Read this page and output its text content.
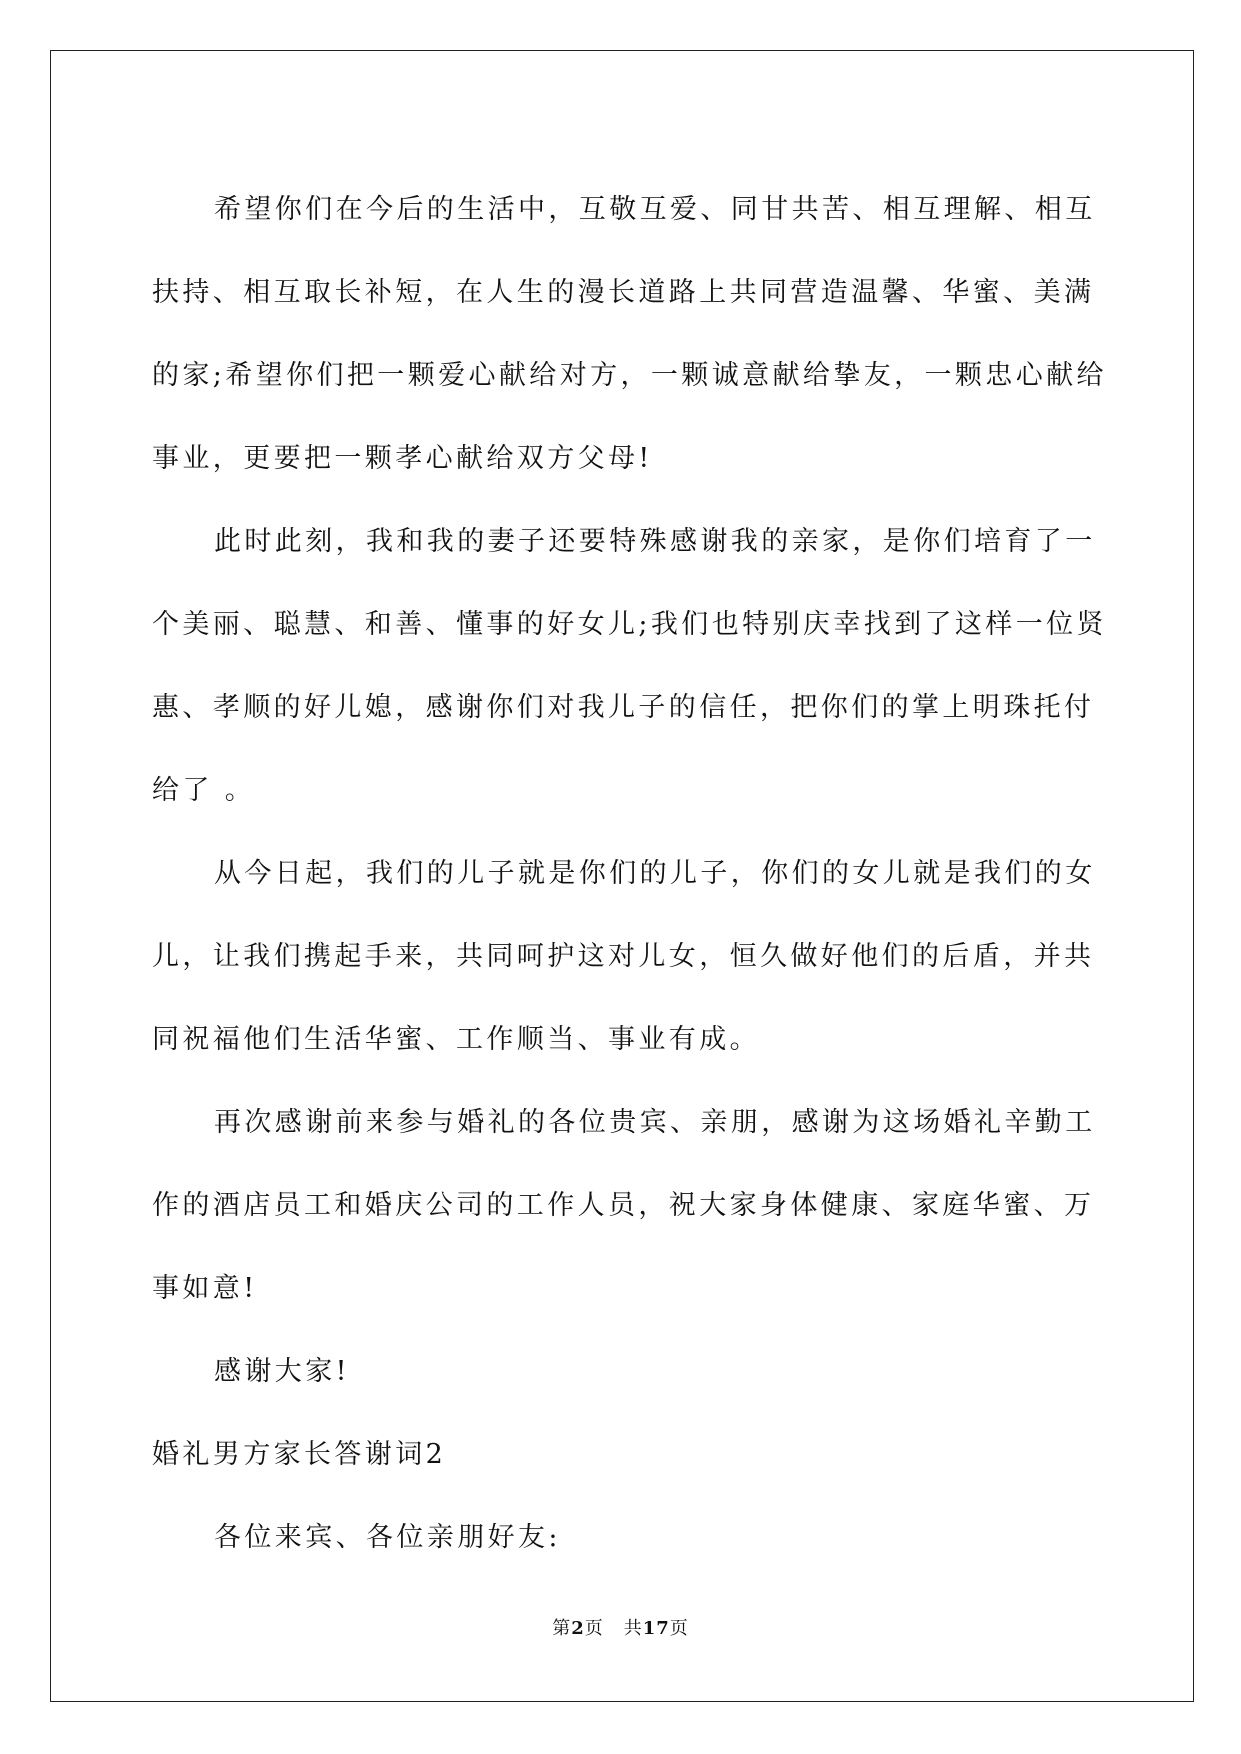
希望你们在今后的生活中，互敬互爱、同甘共苦、相互理解、相互扶持、相互取长补短，在人生的漫长道路上共同营造温馨、华蜜、美满的家;希望你们把一颗爱心献给对方，一颗诚意献给挚友，一颗忠心献给事业，更要把一颗孝心献给双方父母!

此时此刻，我和我的妻子还要特殊感谢我的亲家，是你们培育了一个美丽、聪慧、和善、懂事的好女儿;我们也特别庆幸找到了这样一位贤惠、孝顺的好儿媳，感谢你们对我儿子的信任，把你们的掌上明珠托付给了 。

从今日起，我们的儿子就是你们的儿子，你们的女儿就是我们的女儿，让我们携起手来，共同呵护这对儿女，恒久做好他们的后盾，并共同祝福他们生活华蜜、工作顺当、事业有成。

再次感谢前来参与婚礼的各位贵宾、亲朋，感谢为这场婚礼辛勤工作的酒店员工和婚庆公司的工作人员，祝大家身体健康、家庭华蜜、万事如意!

感谢大家!

婚礼男方家长答谢词2

各位来宾、各位亲朋好友:

第2页 共17页
